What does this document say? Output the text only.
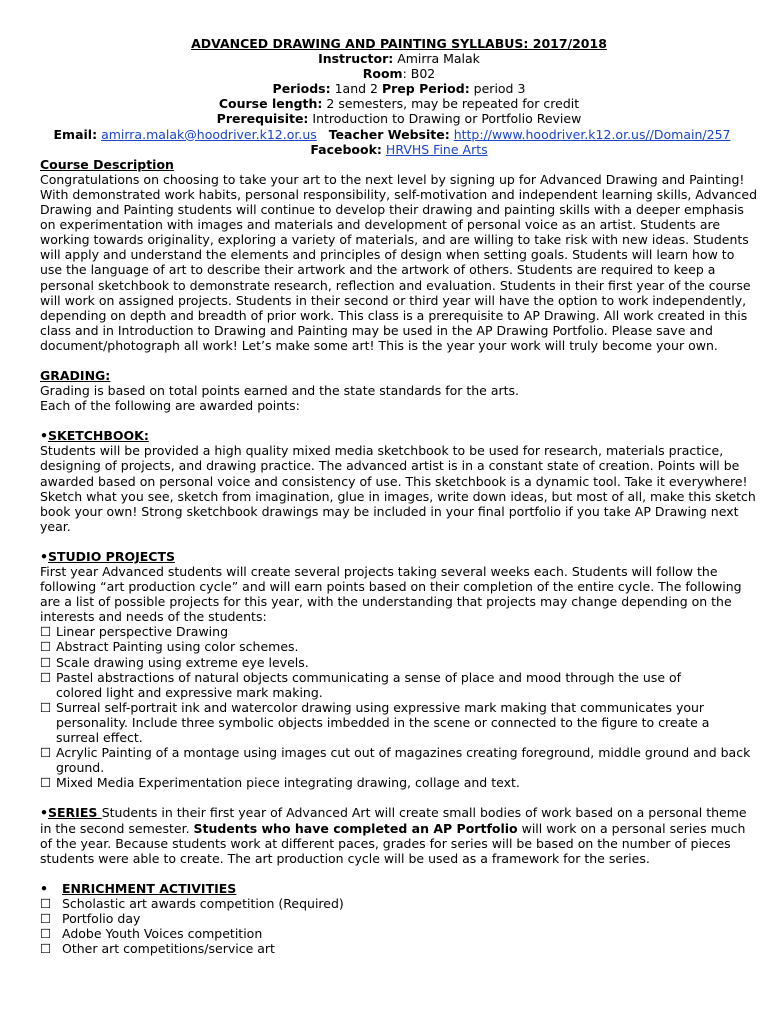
ADVANCED DRAWING AND PAINTING SYLLABUS: 2017/2018
Instructor: Amirra Malak
Room: B02
Periods: 1and 2 Prep Period: period 3
Course length: 2 semesters, may be repeated for credit
Prerequisite: Introduction to Drawing or Portfolio Review
Email: amirra.malak@hoodriver.k12.or.us Teacher Website: http://www.hoodriver.k12.or.us//Domain/257
Facebook: HRVHS Fine Arts
Course Description
Congratulations on choosing to take your art to the next level by signing up for Advanced Drawing and Painting! With demonstrated work habits, personal responsibility, self-motivation and independent learning skills, Advanced Drawing and Painting students will continue to develop their drawing and painting skills with a deeper emphasis on experimentation with images and materials and development of personal voice as an artist. Students are working towards originality, exploring a variety of materials, and are willing to take risk with new ideas. Students will apply and understand the elements and principles of design when setting goals. Students will learn how to use the language of art to describe their artwork and the artwork of others. Students are required to keep a personal sketchbook to demonstrate research, reflection and evaluation. Students in their first year of the course will work on assigned projects. Students in their second or third year will have the option to work independently, depending on depth and breadth of prior work. This class is a prerequisite to AP Drawing. All work created in this class and in Introduction to Drawing and Painting may be used in the AP Drawing Portfolio. Please save and document/photograph all work! Let’s make some art! This is the year your work will truly become your own.
GRADING:
Grading is based on total points earned and the state standards for the arts.
Each of the following are awarded points:
•SKETCHBOOK:
Students will be provided a high quality mixed media sketchbook to be used for research, materials practice, designing of projects, and drawing practice. The advanced artist is in a constant state of creation. Points will be awarded based on personal voice and consistency of use. This sketchbook is a dynamic tool. Take it everywhere! Sketch what you see, sketch from imagination, glue in images, write down ideas, but most of all, make this sketch book your own! Strong sketchbook drawings may be included in your final portfolio if you take AP Drawing next year.
•STUDIO PROJECTS
First year Advanced students will create several projects taking several weeks each. Students will follow the following “art production cycle” and will earn points based on their completion of the entire cycle. The following are a list of possible projects for this year, with the understanding that projects may change depending on the interests and needs of the students:
☐ Linear perspective Drawing
☐ Abstract Painting using color schemes.
☐ Scale drawing using extreme eye levels.
☐ Pastel abstractions of natural objects communicating a sense of place and mood through the use of colored light and expressive mark making.
☐ Surreal self-portrait ink and watercolor drawing using expressive mark making that communicates your personality. Include three symbolic objects imbedded in the scene or connected to the figure to create a surreal effect.
☐ Acrylic Painting of a montage using images cut out of magazines creating foreground, middle ground and back ground.
☐ Mixed Media Experimentation piece integrating drawing, collage and text.
•SERIES Students in their first year of Advanced Art will create small bodies of work based on a personal theme in the second semester. Students who have completed an AP Portfolio will work on a personal series much of the year. Because students work at different paces, grades for series will be based on the number of pieces students were able to create. The art production cycle will be used as a framework for the series.
• ENRICHMENT ACTIVITIES
☐ Scholastic art awards competition (Required)
☐ Portfolio day
☐ Adobe Youth Voices competition
☐ Other art competitions/service art
